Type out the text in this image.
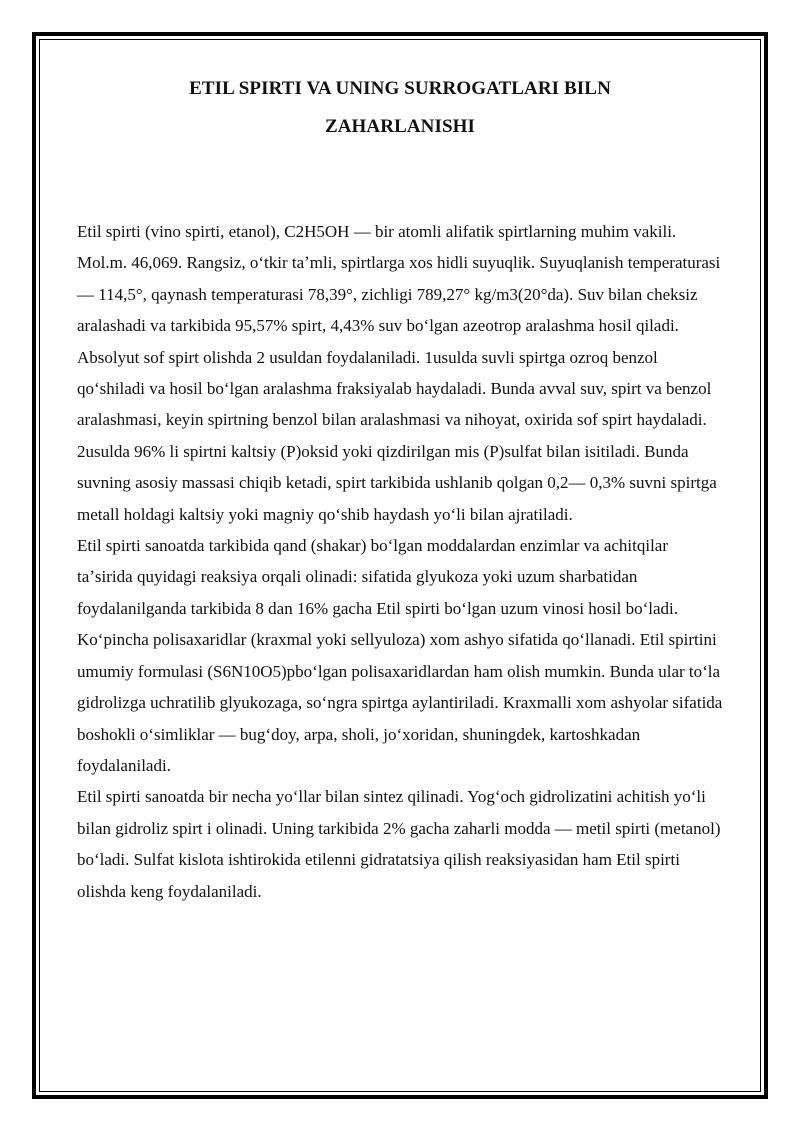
ETIL SPIRTI VA UNING SURROGATLARI BILN
ZAHARLANISHI

Etil spirti (vino spirti, etanol), C2H5OH — bir atomli alifatik spirtlarning muhim vakili. Mol.m. 46,069. Rangsiz, oʻtkir taʼmli, spirtlarga xos hidli suyuqlik. Suyuqlanish temperaturasi — 114,5°, qaynash temperaturasi 78,39°, zichligi 789,27° kg/m3(20°da). Suv bilan cheksiz aralashadi va tarkibida 95,57% spirt, 4,43% suv boʻlgan azeotrop aralashma hosil qiladi. Absolyut sof spirt olishda 2 usuldan foydalaniladi. 1usulda suvli spirtga ozroq benzol qoʻshiladi va hosil boʻlgan aralashma fraksiyalab haydaladi. Bunda avval suv, spirt va benzol aralashmasi, keyin spirtning benzol bilan aralashmasi va nihoyat, oxirida sof spirt haydaladi. 2usulda 96% li spirtni kaltsiy (P)oksid yoki qizdirilgan mis (P)sulfat bilan isitiladi. Bunda suvning asosiy massasi chiqib ketadi, spirt tarkibida ushlanib qolgan 0,2— 0,3% suvni spirtga metall holdagi kaltsiy yoki magniy qoʻshib haydash yoʻli bilan ajratiladi.

Etil spirti sanoatda tarkibida qand (shakar) boʻlgan moddalardan enzimlar va achitqilar taʼsirida quyidagi reaksiya orqali olinadi: sifatida glyukoza yoki uzum sharbatidan foydalanilganda tarkibida 8 dan 16% gacha Etil spirti boʻlgan uzum vinosi hosil boʻladi. Koʻpincha polisaxaridlar (kraxmal yoki sellyuloza) xom ashyo sifatida qoʻllanadi. Etil spirtini umumiy formulasi (S6N10O5)pboʻlgan polisaxaridlardan ham olish mumkin. Bunda ular toʻla gidrolizga uchratilib glyukozaga, soʻngra spirtga aylantiriladi. Kraxmalli xom ashyolar sifatida boshokli oʻsimliklar — bugʻdoy, arpa, sholi, joʻxoridan, shuningdek, kartoshkadan foydalaniladi.

Etil spirti sanoatda bir necha yoʻllar bilan sintez qilinadi. Yogʻoch gidrolizatini achitish yoʻli bilan gidroliz spirt i olinadi. Uning tarkibida 2% gacha zaharli modda — metil spirti (metanol) boʻladi. Sulfat kislota ishtirokida etilenni gidratatsiya qilish reaksiyasidan ham Etil spirti olishda keng foydalaniladi.
